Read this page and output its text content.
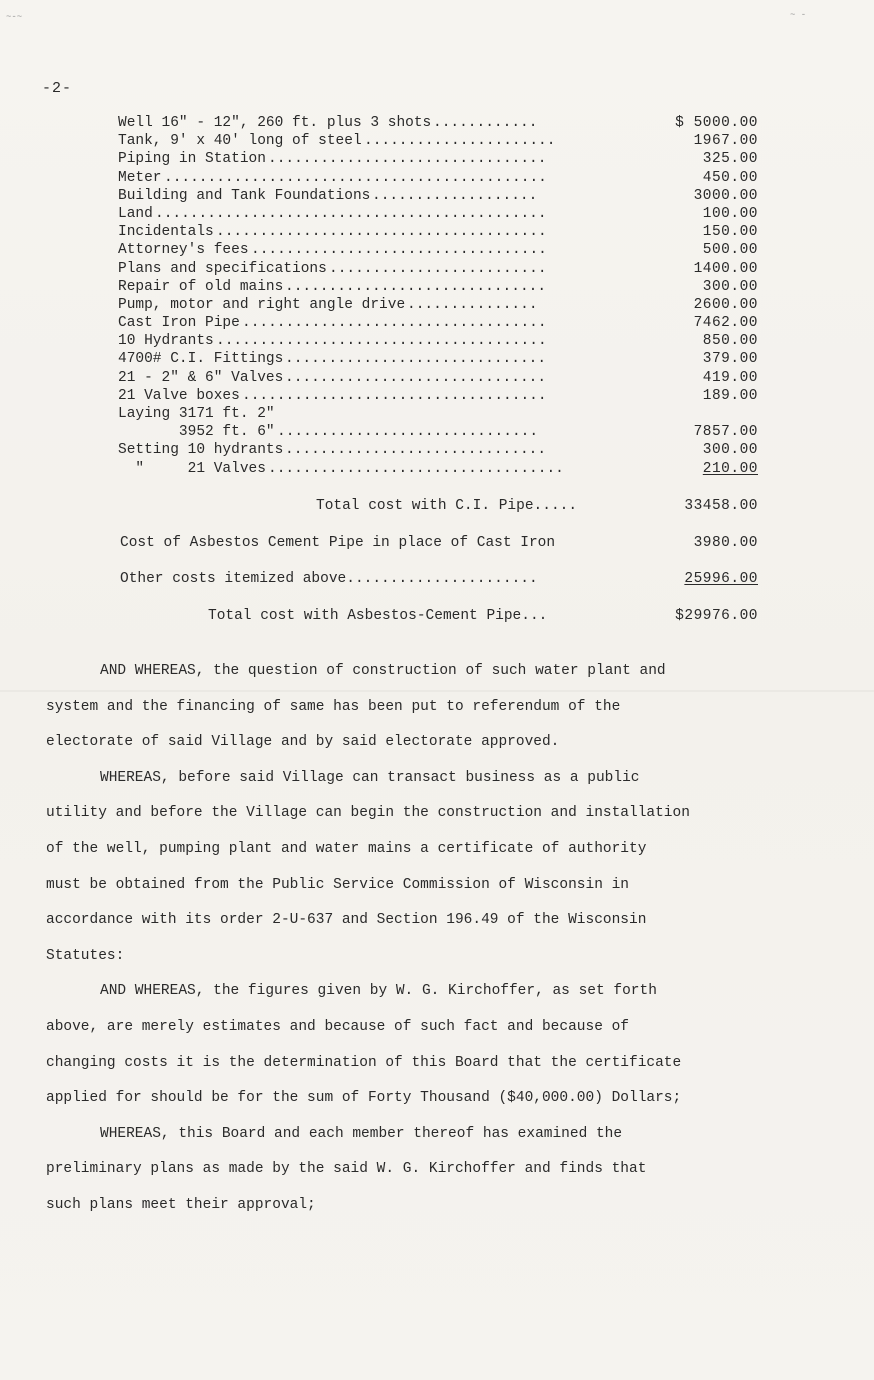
-2-
Well 16" - 12", 260 ft. plus 3 shots ............	$ 5000.00
Tank, 9' x 40' long of steel ......................	1967.00
Piping in Station ................................	325.00
Meter ............................................	450.00
Building and Tank Foundations ...................	3000.00
Land .............................................	100.00
Incidentals ......................................	150.00
Attorney's fees ..................................	500.00
Plans and specifications .........................	1400.00
Repair of old mains ..............................	300.00
Pump, motor and right angle drive ...............	2600.00
Cast Iron Pipe ...................................	7462.00
10 Hydrants ......................................	850.00
4700# C.I. Fittings ..............................	379.00
21 - 2" & 6" Valves ..............................	419.00
21 Valve boxes ...................................	189.00
Laying 3171 ft. 2"
3952 ft. 6" ..............................	7857.00
Setting 10 hydrants ..............................	300.00
"     21 Valves ..................................	210.00
Total cost with C.I. Pipe.....	33458.00
Cost of Asbestos Cement Pipe in place of Cast Iron	3980.00
Other costs itemized above......................	25996.00
Total cost with Asbestos-Cement Pipe...	$29976.00
AND WHEREAS, the question of construction of such water plant and
system and the financing of same has been put to referendum of the
electorate of said Village and by said electorate approved.
WHEREAS, before said Village can transact business as a public
utility and before the Village can begin the construction and installation
of the well, pumping plant and water mains a certificate of authority
must be obtained from the Public Service Commission of Wisconsin in
accordance with its order 2-U-637 and Section 196.49 of the Wisconsin
Statutes:
AND WHEREAS, the figures given by W. G. Kirchoffer, as set forth
above, are merely estimates and because of such fact and because of
changing costs it is the determination of this Board that the certificate
applied for should be for the sum of Forty Thousand ($40,000.00) Dollars;
WHEREAS, this Board and each member thereof has examined the
preliminary plans as made by the said W. G. Kirchoffer and finds that
such plans meet their approval;
~-~	~ -
